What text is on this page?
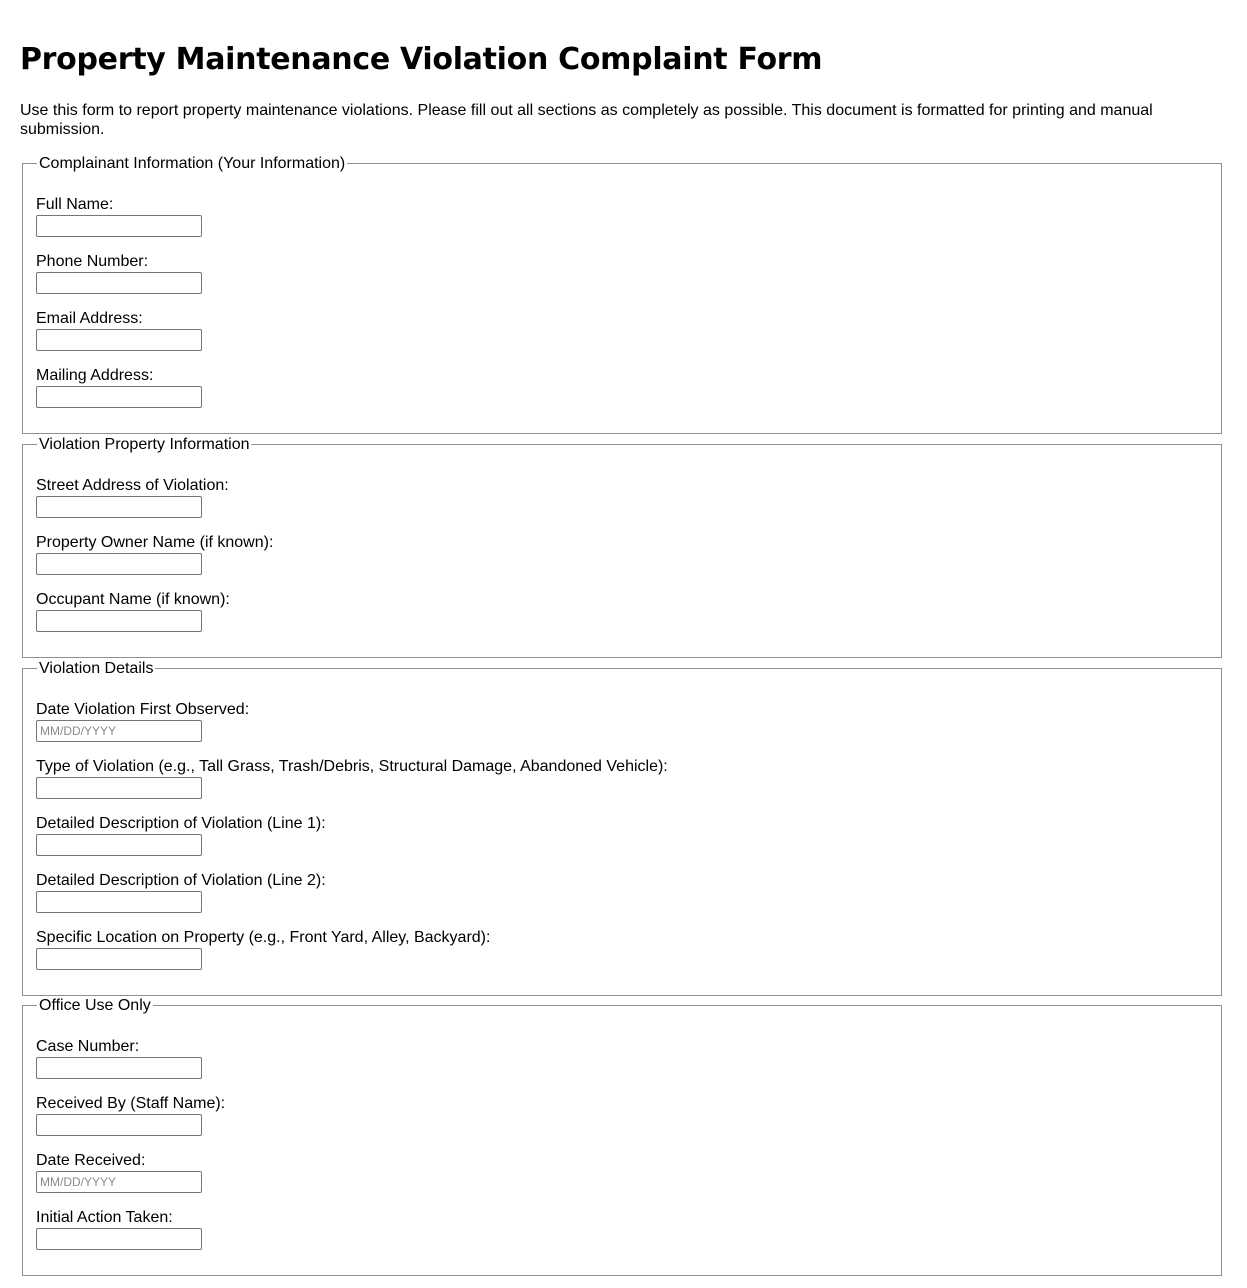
Property Maintenance Violation Complaint Form

Use this form to report property maintenance violations. Please fill out all sections as completely as possible. This document is formatted for printing and manual submission.

Complainant Information (Your Information)
Full Name:
Phone Number:
Email Address:
Mailing Address:
Violation Property Information
Street Address of Violation:
Property Owner Name (if known):
Occupant Name (if known):
Violation Details
Date Violation First Observed:
MM/DD/YYYY
Type of Violation (e.g., Tall Grass, Trash/Debris, Structural Damage, Abandoned Vehicle):
Detailed Description of Violation (Line 1):
Detailed Description of Violation (Line 2):
Specific Location on Property (e.g., Front Yard, Alley, Backyard):
Office Use Only
Case Number:
Received By (Staff Name):
Date Received:
MM/DD/YYYY
Initial Action Taken:
